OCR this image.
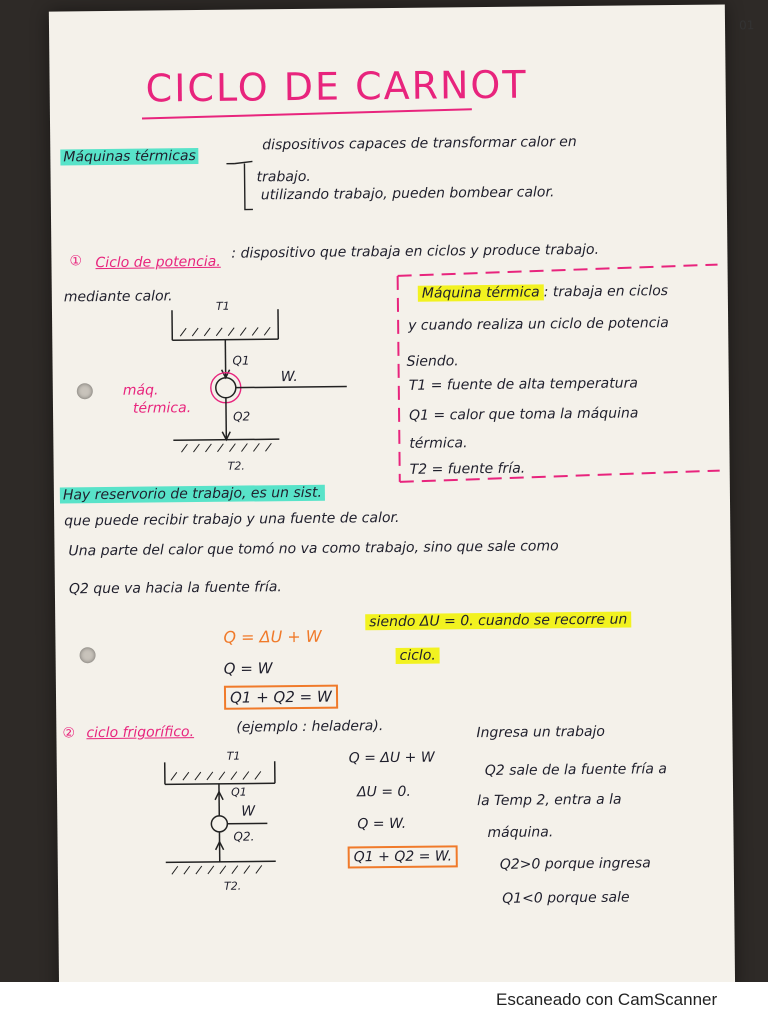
01
CICLO DE CARNOT
Máquinas térmicas
dispositivos capaces de transformar calor en
trabajo.
utilizando trabajo, pueden bombear calor.
① Ciclo de potencia.
: dispositivo que trabaja en ciclos y produce trabajo.
mediante calor.
T1
Q1
W.
Q2
T2.
máq.
térmica.
Máquina térmica : trabaja en ciclos
y cuando realiza un ciclo de potencia
Siendo.
T1 = fuente de alta temperatura
Q1 = calor que toma la máquina
térmica.
T2 = fuente fría.
Hay reservorio de trabajo, es un sist.
que puede recibir trabajo y una fuente de calor.
Una parte del calor que tomó no va como trabajo, sino que sale como
Q2 que va hacia la fuente fría.
Q = ΔU + W
Q = W
Q1 + Q2 = W
siendo ΔU = 0. cuando se recorre un
ciclo.
② ciclo frigorífico.	(ejemplo : heladera).
T1
Q1
W
Q2.
T2.
Q = ΔU + W
ΔU = 0.
Q = W.
Q1 + Q2 = W.
Ingresa un trabajo
Q2 sale de la fuente fría a
la Temp 2, entra a la
máquina.
Q2>0 porque ingresa
Q1<0 porque sale
Escaneado con CamScanner
